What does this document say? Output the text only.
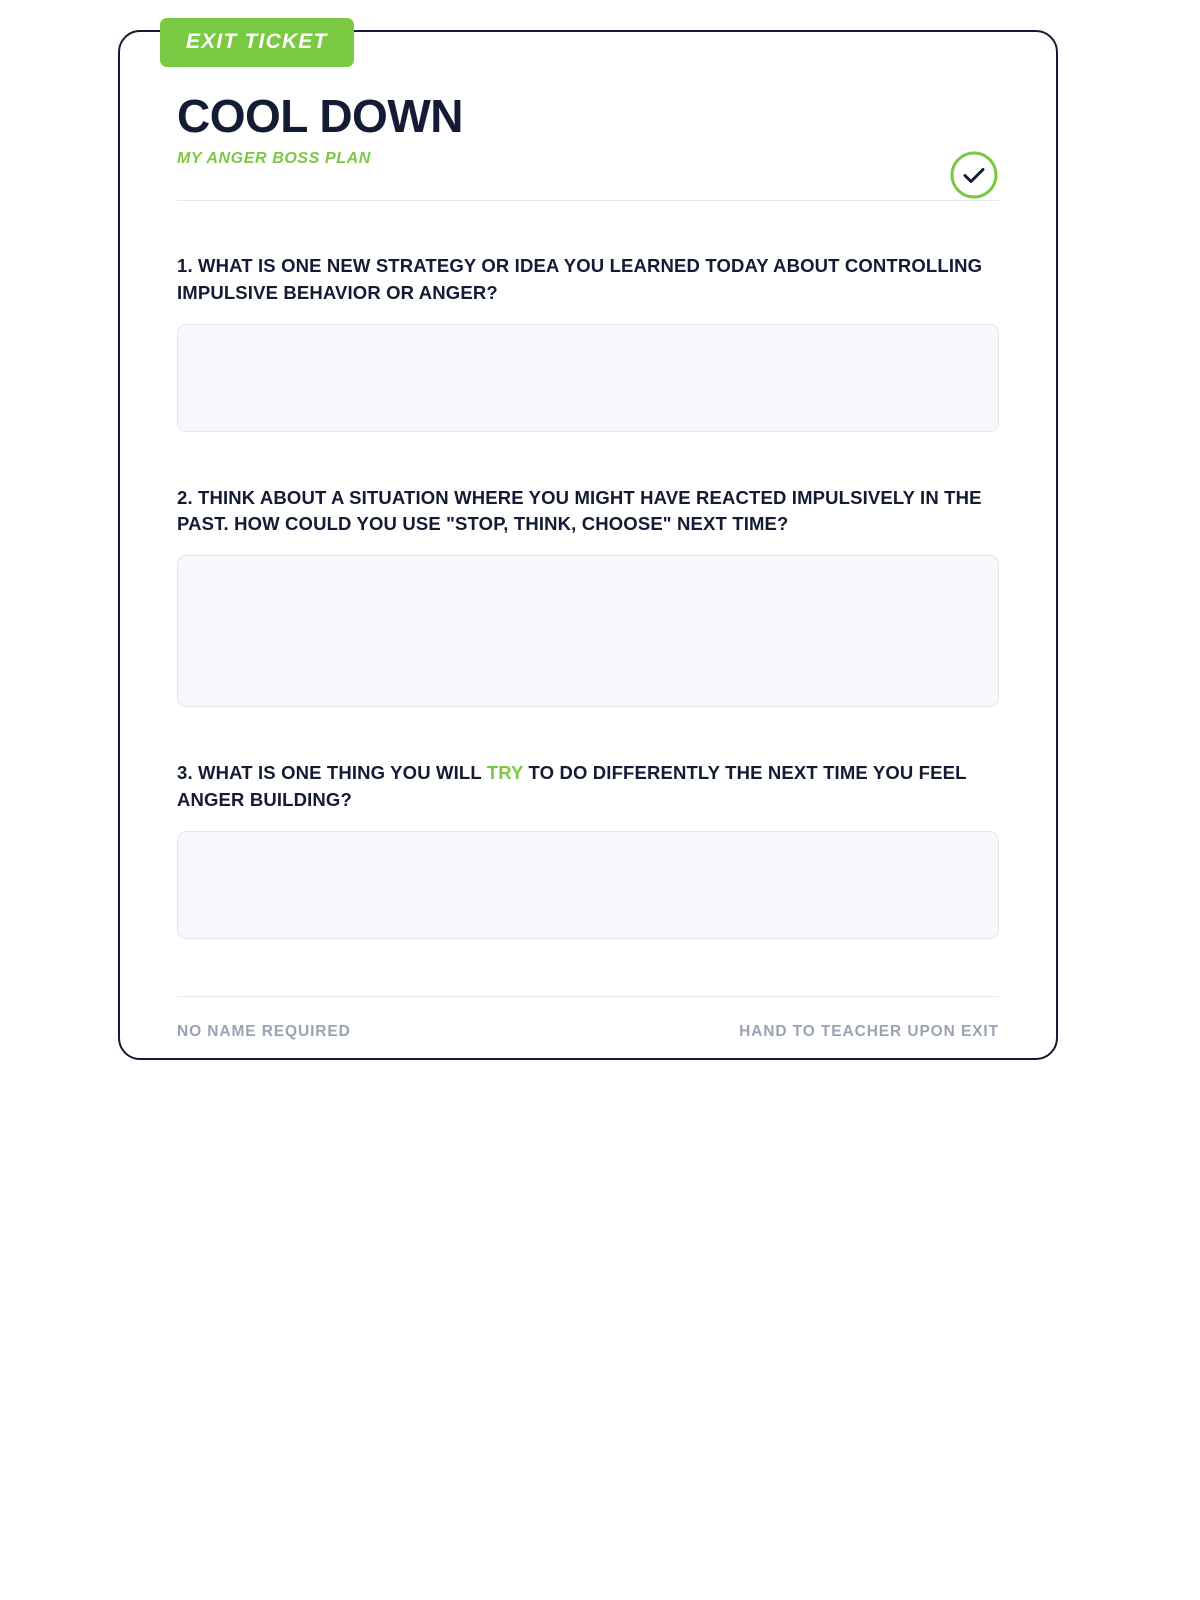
COOL DOWN
MY ANGER BOSS PLAN

1. WHAT IS ONE NEW STRATEGY OR IDEA YOU LEARNED TODAY ABOUT CONTROLLING IMPULSIVE BEHAVIOR OR ANGER?

2. THINK ABOUT A SITUATION WHERE YOU MIGHT HAVE REACTED IMPULSIVELY IN THE PAST. HOW COULD YOU USE "STOP, THINK, CHOOSE" NEXT TIME?

3. WHAT IS ONE THING YOU WILL TRY TO DO DIFFERENTLY THE NEXT TIME YOU FEEL ANGER BUILDING?

NO NAME REQUIRED	HAND TO TEACHER UPON EXIT
EXIT TICKET
